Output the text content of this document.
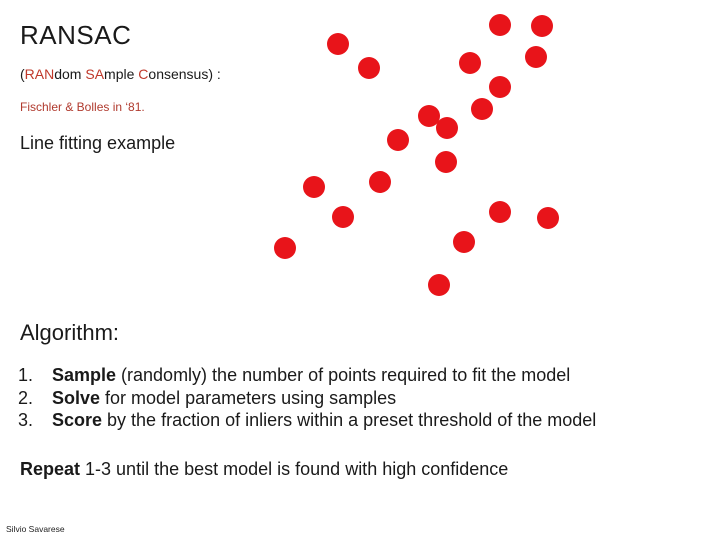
RANSAC
(RANdom SAmple Consensus) :
Fischler & Bolles in ‘81.
Line fitting example
Algorithm:
1. Sample (randomly) the number of points required to fit the model
2. Solve for model parameters using samples
3. Score by the fraction of inliers within a preset threshold of the model
Repeat 1-3 until the best model is found with high confidence
Silvio Savarese
